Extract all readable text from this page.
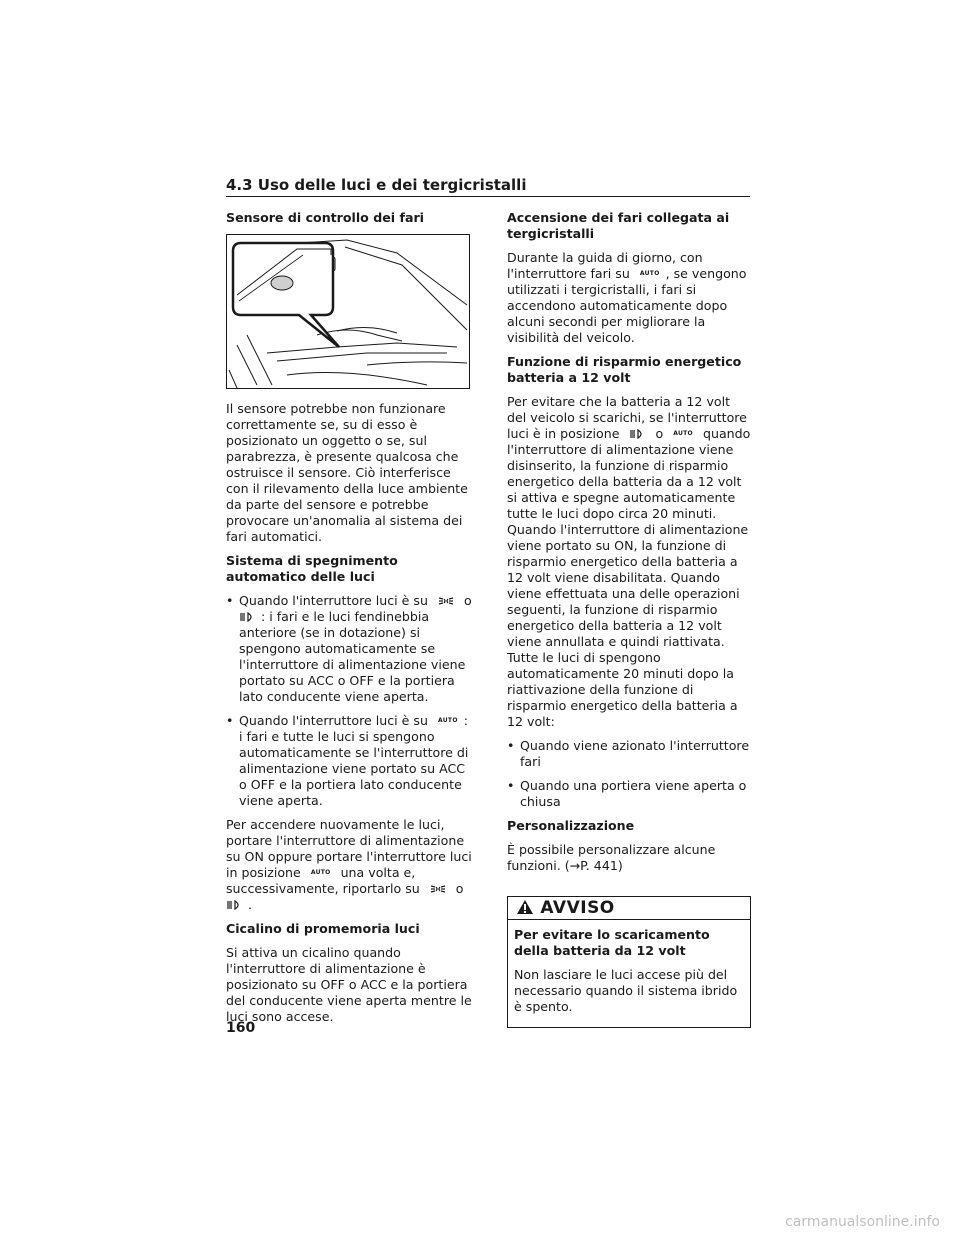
4.3 Uso delle luci e dei tergicristalli
Sensore di controllo dei fari

Il sensore potrebbe non funzionare correttamente se, su di esso è posizionato un oggetto o se, sul parabrezza, è presente qualcosa che ostruisce il sensore. Ciò interferisce con il rilevamento della luce ambiente da parte del sensore e potrebbe provocare un'anomalia al sistema dei fari automatici.

Sistema di spegnimento automatico delle luci
• Quando l'interruttore luci è su	o
: i fari e le luci fendinebbia anteriore (se in dotazione) si spengono automaticamente se l'interruttore di alimentazione viene portato su ACC o OFF e la portiera lato conducente viene aperta.
• Quando l'interruttore luci è su $^{AUTO}$ : i fari e tutte le luci si spengono automaticamente se l'interruttore di alimentazione viene portato su ACC o OFF e la portiera lato conducente viene aperta.

Per accendere nuovamente le luci, portare l'interruttore di alimentazione su ON oppure portare l'interruttore luci in posizione $^{AUTO}$ una volta e, successivamente, riportarlo su	o
.

Cicalino di promemoria luci

Si attiva un cicalino quando l'interruttore di alimentazione è posizionato su OFF o ACC e la portiera del conducente viene aperta mentre le luci sono accese.

Accensione dei fari collegata ai tergicristalli

Durante la guida di giorno, con l'interruttore fari su $^{AUTO}$ , se vengono utilizzati i tergicristalli, i fari si accendono automaticamente dopo alcuni secondi per migliorare la visibilità del veicolo.

Funzione di risparmio energetico batteria a 12 volt

Per evitare che la batteria a 12 volt del veicolo si scarichi, se l'interruttore luci è in posizione	o $^{AUTO}$ quando l'interruttore di alimentazione viene disinserito, la funzione di risparmio energetico della batteria da a 12 volt si attiva e spegne automaticamente tutte le luci dopo circa 20 minuti. Quando l'interruttore di alimentazione viene portato su ON, la funzione di risparmio energetico della batteria a 12 volt viene disabilitata. Quando viene effettuata una delle operazioni seguenti, la funzione di risparmio energetico della batteria a 12 volt viene annullata e quindi riattivata. Tutte le luci di spengono automaticamente 20 minuti dopo la riattivazione della funzione di risparmio energetico della batteria a 12 volt:

• Quando viene azionato l'interruttore fari
• Quando una portiera viene aperta o chiusa
Personalizzazione

È possibile personalizzare alcune funzioni. (→P. 441)

AVVISO
Per evitare lo scaricamento della batteria da 12 volt

Non lasciare le luci accese più del necessario quando il sistema ibrido è spento.

160
carmanualsonline.info
